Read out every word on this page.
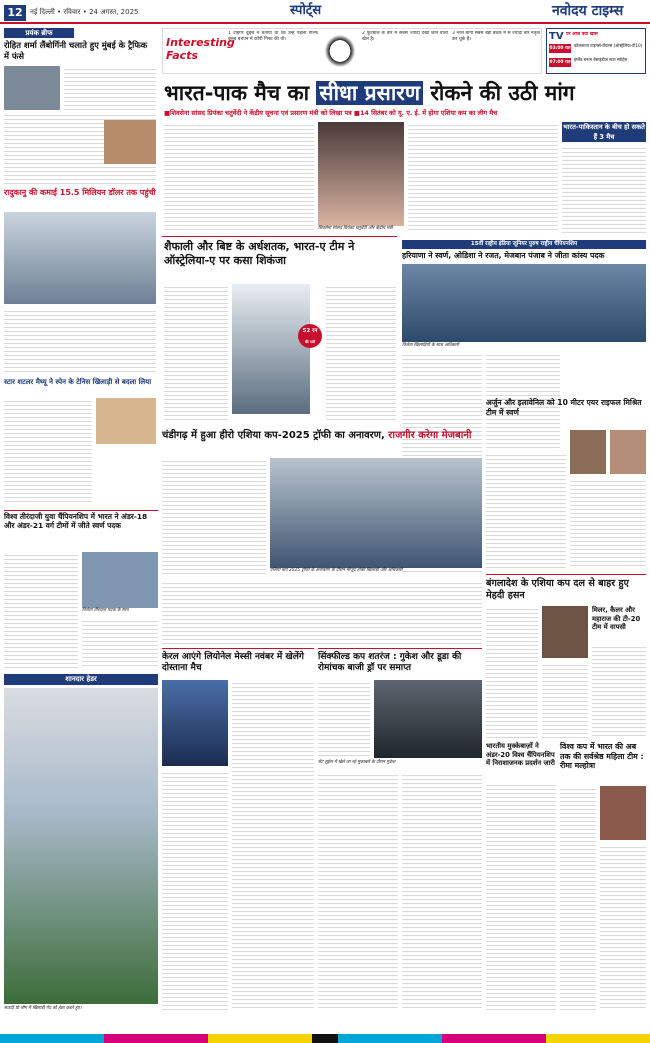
12	नई दिल्ली • रविवार • 24 अगस्त, 2025	स्पोर्ट्स	नवोदय टाइम्स
प्रयंक ब्रीफ
रोहित शर्मा लैंबोर्गिनी चलाते हुए मुंबई के ट्रैफिक में फंसे
रादुकानु की कमाई 15.5 मिलियन डॉलर तक पहुंची
स्टार शटलर मैथ्यू ने स्पेन के टेनिस खिलाड़ी से बदला लिया
Interesting Facts
1 टाइगर वुड्स ने बताया था कि उन्हें पहली गोल्फ क्लब बचपन में कॉपी गिफ्ट की थी।
2 फुटबॉल के बारे में सबसे ज्यादा देखा जाने वाला खेल है।
3 नरेश बांगी सबसे बड़ी बैठक में से ज्यादा बार नेतृत्व कर चुके हैं।	TV पर आज क्या खास
03:00 रात
कोलकाता टाइगर्स-रॉयल्स (ऑस्ट्रेलिया-टी10)
07:00 रात
इंग्लैंड बनाम वेस्टइंडीज़ स्टार स्पोर्ट्स
भारत-पाक मैच का सीधा प्रसारण रोकने की उठी मांग
■शिवसेना सांसद प्रियंका चतुर्वेदी ने केंद्रीय सूचना एवं प्रसारण मंत्री को लिखा पत्र ■14 सितंबर को यू. ए. ई. में होगा एशिया कप का लीग मैच
शिवसेना सांसद प्रियंका चतुर्वेदी और केंद्रीय मंत्री
भारत-पाकिस्तान के बीच हो सकते हैं 3 मैच
शैफाली और बिष्ट के अर्धशतक, भारत-ए टीम ने ऑस्ट्रेलिया-ए पर कसा शिकंजा
52 रन
की पारी
15वीं राष्ट्रीय इंडिया जूनियर पुरुष राष्ट्रीय चैंपियनशिप
हरियाणा ने स्वर्ण, ओडिशा ने रजत, मेजबान पंजाब ने जीता कांस्य पदक
विजेता खिलाड़ियों के साथ अधिकारी
अर्जुन और इलावेनिल को 10 मीटर एयर राइफल मिश्रित टीम में स्वर्ण
विश्व तीरंदाजी युवा चैंपियनशिप में भारत ने अंडर-18 और अंडर-21 वर्ग टीमों में जीते स्वर्ण पदक
विजेता तीरंदाज़ पदक के साथ
चंडीगढ़ में हुआ हीरो एशिया कप-2025 ट्रॉफी का अनावरण, राजगीर करेगा मेजबानी
एशिया कप 2025 ट्रॉफी के अनावरण के दौरान मौजूद हॉकी खिलाड़ी और अधिकारी
बंगलादेश के एशिया कप दल से बाहर हुए मेहदी हसन
मिलर, कैलर और महाराज की टी-20 टीम में वापसी
भारतीय मुक्केबाज़ों ने अंडर-20 विश्व चैंपियनशिप में निराशाजनक प्रदर्शन जारी
विश्व कप में भारत की अब तक की सर्वश्रेष्ठ महिला टीम : रीमा मल्होत्रा
शानदार हेडर
सऊदी प्रो लीग में खिलाड़ी गेंद को हेडर करते हुए।
केरल आएंगे लियोनेल मेस्सी नवंबर में खेलेंगे दोस्ताना मैच
सिंक्फील्ड कप शतरंज : गुकेश और डूडा की रोमांचक बाजी ड्रॉ पर समाप्त
सेंट लुईस में खेले जा रहे मुकाबले के दौरान गुकेश
